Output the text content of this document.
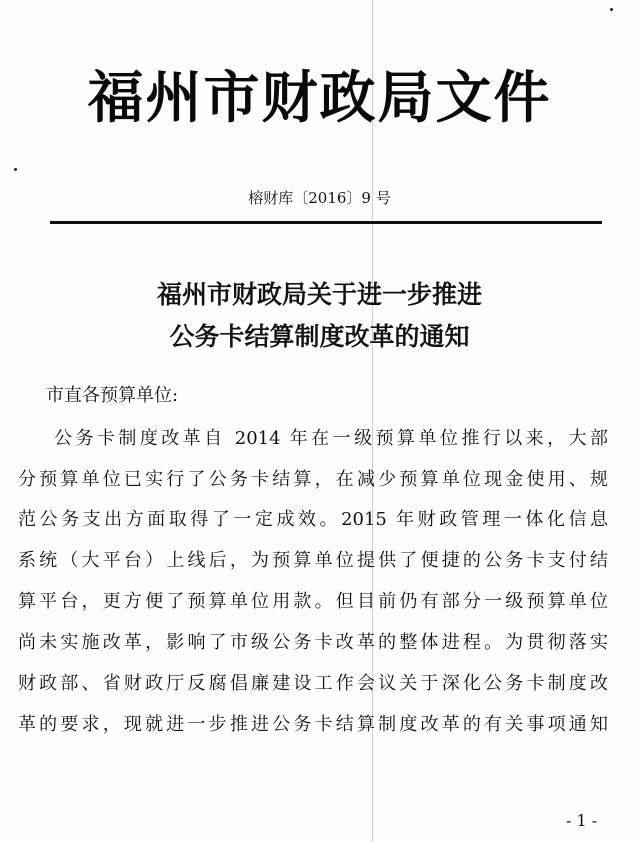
福州市财政局文件
榕财库〔2016〕9 号
福州市财政局关于进一步推进
公务卡结算制度改革的通知
市直各预算单位:
公务卡制度改革自 2014 年在一级预算单位推行以来，大部
分预算单位已实行了公务卡结算，在减少预算单位现金使用、规
范公务支出方面取得了一定成效。2015 年财政管理一体化信息
系统（大平台）上线后，为预算单位提供了便捷的公务卡支付结
算平台，更方便了预算单位用款。但目前仍有部分一级预算单位
尚未实施改革，影响了市级公务卡改革的整体进程。为贯彻落实
财政部、省财政厅反腐倡廉建设工作会议关于深化公务卡制度改
革的要求，现就进一步推进公务卡结算制度改革的有关事项通知
- 1 -
